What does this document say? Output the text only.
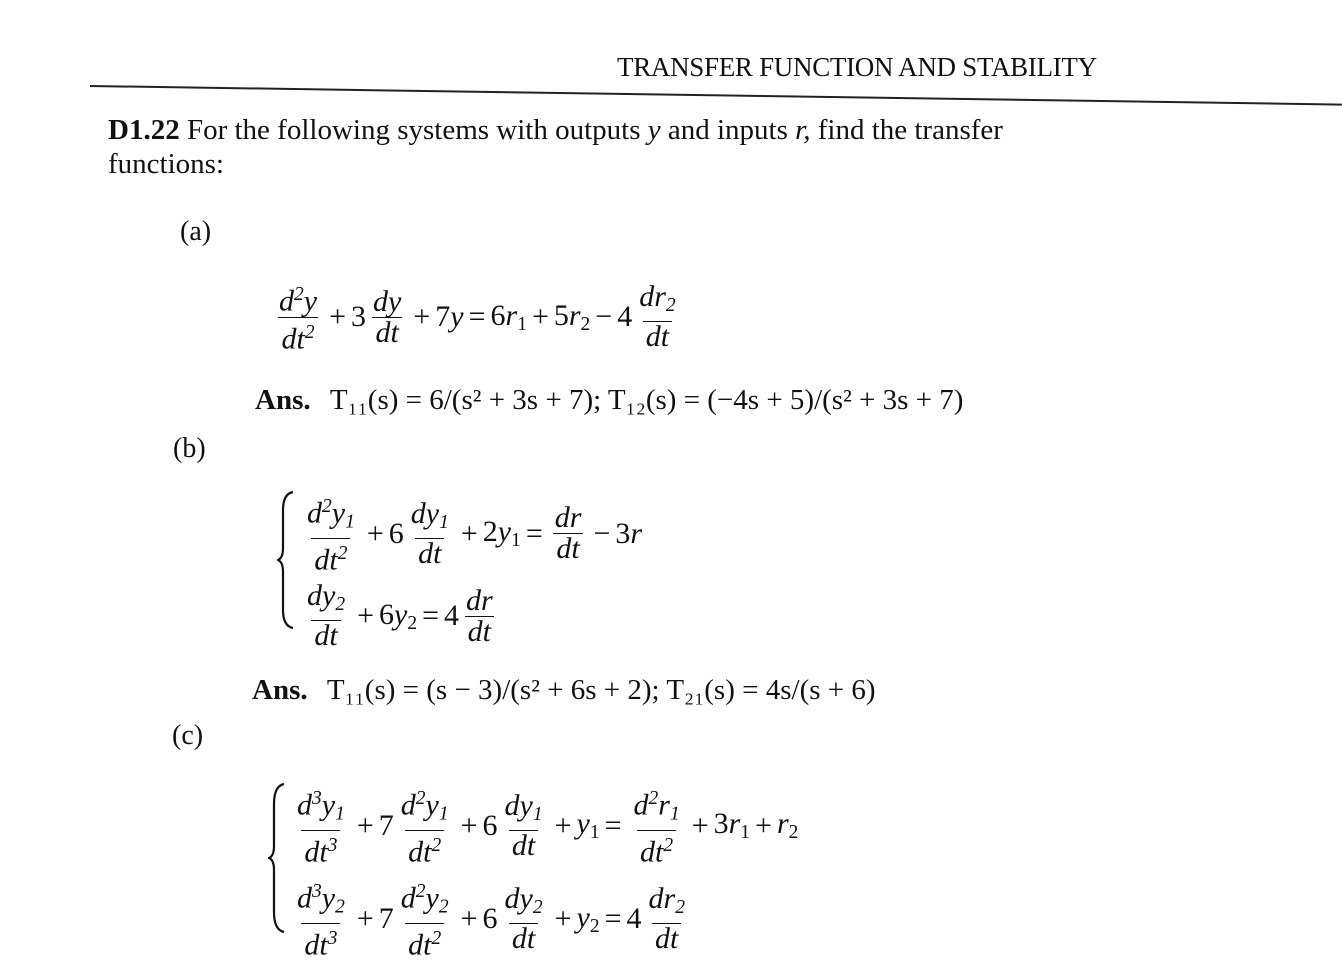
TRANSFER FUNCTION AND STABILITY
D1.22 For the following systems with outputs y and inputs r, find the transfer
functions:
(a)
$\frac{d^2y}{dt^2} + 3 \frac{dy}{dt} + 7y = 6r_1 + 5r_2 - 4 \frac{dr_2}{dt}$
Ans. T₁₁(s) = 6/(s² + 3s + 7); T₁₂(s) = (−4s + 5)/(s² + 3s + 7)
(b)
$\frac{d^2y_1}{dt^2} + 6 \frac{dy_1}{dt} + 2y_1 = \frac{dr}{dt} - 3r$
$\frac{dy_2}{dt} + 6y_2 = 4 \frac{dr}{dt}$
Ans. T₁₁(s) = (s − 3)/(s² + 6s + 2); T₂₁(s) = 4s/(s + 6)
(c)
$\frac{d^3y_1}{dt^3} + 7 \frac{d^2y_1}{dt^2} + 6 \frac{dy_1}{dt} + y_1 = \frac{d^2r_1}{dt^2} + 3r_1 + r_2$
$\frac{d^3y_2}{dt^3} + 7 \frac{d^2y_2}{dt^2} + 6 \frac{dy_2}{dt} + y_2 = 4 \frac{dr_2}{dt}$
